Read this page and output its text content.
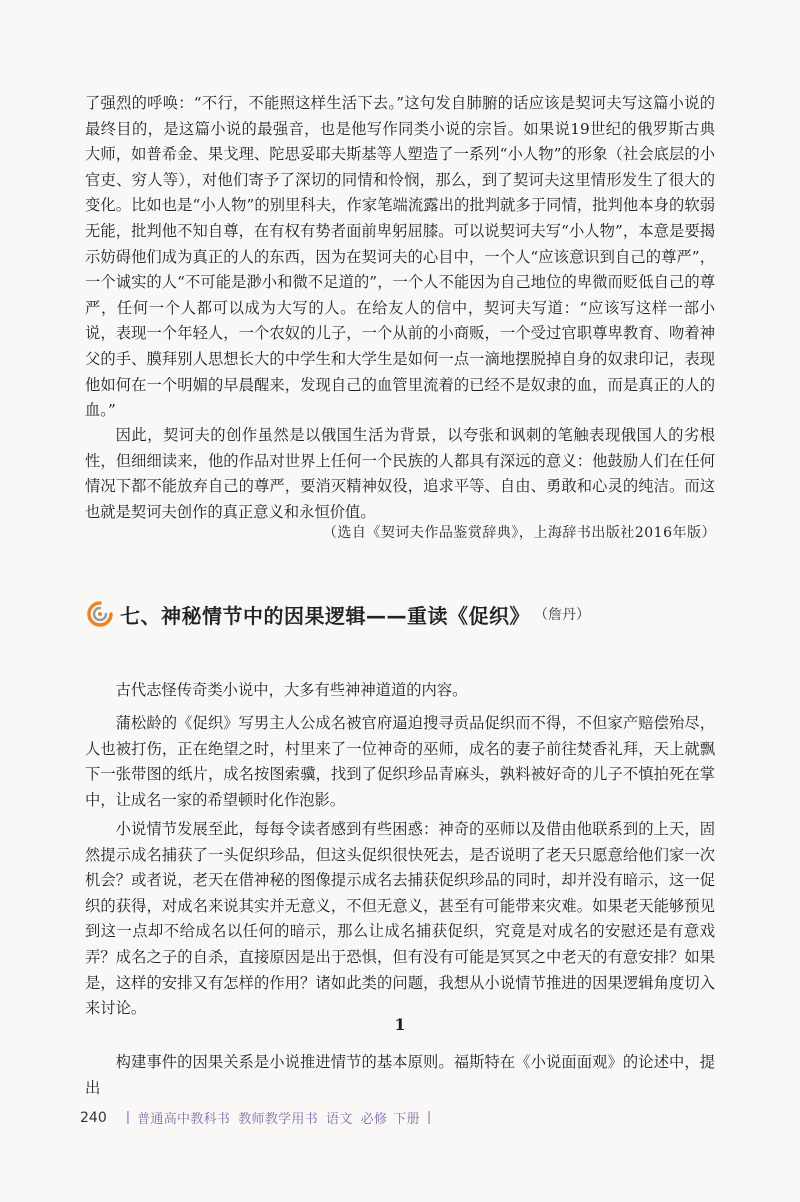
了强烈的呼唤：“不行，不能照这样生活下去。”这句发自肺腑的话应该是契诃夫写这篇小说的最终目的，是这篇小说的最强音，也是他写作同类小说的宗旨。如果说19世纪的俄罗斯古典大师，如普希金、果戈理、陀思妥耶夫斯基等人塑造了一系列“小人物”的形象（社会底层的小官吏、穷人等），对他们寄予了深切的同情和怜悯，那么，到了契诃夫这里情形发生了很大的变化。比如也是“小人物”的别里科夫，作家笔端流露出的批判就多于同情，批判他本身的软弱无能，批判他不知自尊，在有权有势者面前卑躬屈膝。可以说契诃夫写“小人物”，本意是要揭示妨碍他们成为真正的人的东西，因为在契诃夫的心目中，一个人“应该意识到自己的尊严”，一个诚实的人“不可能是渺小和微不足道的”，一个人不能因为自己地位的卑微而贬低自己的尊严，任何一个人都可以成为大写的人。在给友人的信中，契诃夫写道：“应该写这样一部小说，表现一个年轻人，一个农奴的儿子，一个从前的小商贩，一个受过官职尊卑教育、吻着神父的手、膜拜别人思想长大的中学生和大学生是如何一点一滴地摆脱掉自身的奴隶印记，表现他如何在一个明媚的早晨醒来，发现自己的血管里流着的已经不是奴隶的血，而是真正的人的血。”
因此，契诃夫的创作虽然是以俄国生活为背景，以夸张和讽刺的笔触表现俄国人的劣根性，但细细读来，他的作品对世界上任何一个民族的人都具有深远的意义：他鼓励人们在任何情况下都不能放弃自己的尊严，要消灭精神奴役，追求平等、自由、勇敢和心灵的纯洁。而这也就是契诃夫创作的真正意义和永恒价值。
（选自《契诃夫作品鉴赏辞典》，上海辞书出版社2016年版）
七、神秘情节中的因果逻辑——重读《促织》 （詹丹）
古代志怪传奇类小说中，大多有些神神道道的内容。
蒲松龄的《促织》写男主人公成名被官府逼迫搜寻贡品促织而不得，不但家产赔偿殆尽，人也被打伤，正在绝望之时，村里来了一位神奇的巫师，成名的妻子前往焚香礼拜，天上就飘下一张带图的纸片，成名按图索骥，找到了促织珍品青麻头，孰料被好奇的儿子不慎拍死在掌中，让成名一家的希望顿时化作泡影。
小说情节发展至此，每每令读者感到有些困惑：神奇的巫师以及借由他联系到的上天，固然提示成名捕获了一头促织珍品，但这头促织很快死去，是否说明了老天只愿意给他们家一次机会？或者说，老天在借神秘的图像提示成名去捕获促织珍品的同时，却并没有暗示，这一促织的获得，对成名来说其实并无意义，不但无意义，甚至有可能带来灾难。如果老天能够预见到这一点却不给成名以任何的暗示，那么让成名捕获促织，究竟是对成名的安慰还是有意戏弄？成名之子的自杀，直接原因是出于恐惧，但有没有可能是冥冥之中老天的有意安排？如果是，这样的安排又有怎样的作用？诸如此类的问题，我想从小说情节推进的因果逻辑角度切入来讨论。
1
构建事件的因果关系是小说推进情节的基本原则。福斯特在《小说面面观》的论述中，提出
240 | 普通高中教科书 教师教学用书 语文 必修 下册 |
